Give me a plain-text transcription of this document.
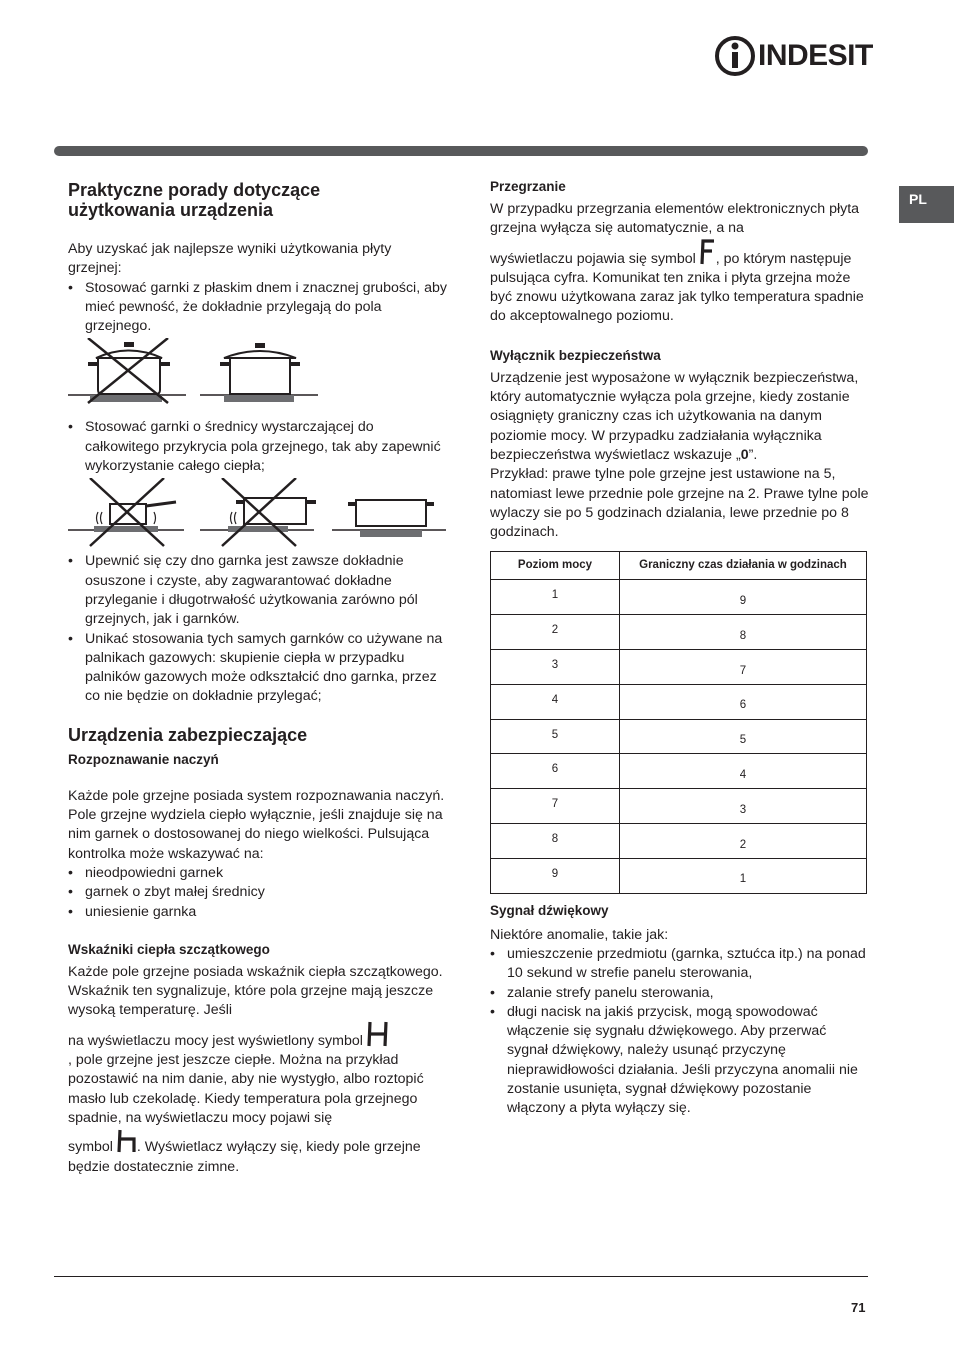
INDESIT
PL
Praktyczne porady dotyczące
użytkowania urządzenia

Aby uzyskać jak najlepsze wyniki użytkowania płyty grzejnej:

• Stosować garnki z płaskim dnem i znacznej grubości, aby mieć pewność, że dokładnie przylegają do pola grzejnego.
• Stosować garnki o średnicy wystarczającej do całkowitego przykrycia pola grzejnego, tak aby zapewnić wykorzystanie całego ciepła;
• Upewnić się czy dno garnka jest zawsze dokładnie osuszone i czyste, aby zagwarantować dokładne przyleganie i długotrwałość użytkowania zarówno pól grzejnych, jak i garnków.
• Unikać stosowania tych samych garnków co używane na palnikach gazowych: skupienie ciepła w przypadku palników gazowych może odkształcić dno garnka, przez co nie będzie on dokładnie przylegać;
Urządzenia zabezpieczające
Rozpoznawanie naczyń

Każde pole grzejne posiada system rozpoznawania naczyń. Pole grzejne wydziela ciepło wyłącznie, jeśli znajduje się na nim garnek o dostosowanej do niego wielkości. Pulsująca kontrolka może wskazywać na:

• nieodpowiedni garnek
• garnek o zbyt małej średnicy
• uniesienie garnka
Wskaźniki ciepła szczątkowego

Każde pole grzejne posiada wskaźnik ciepła szczątkowego. Wskaźnik ten sygnalizuje, które pola grzejne mają jeszcze wysoką temperaturę. Jeśli
na wyświetlaczu mocy jest wyświetlony symbol
, pole grzejne jest jeszcze ciepłe. Można na przykład pozostawić na nim danie, aby nie wystygło, albo roztopić masło lub czekoladę. Kiedy temperatura pola grzejnego spadnie, na wyświetlaczu mocy pojawi się
symbol . Wyświetlacz wyłączy się, kiedy pole grzejne będzie dostatecznie zimne.

Przegrzanie

W przypadku przegrzania elementów elektronicznych płyta grzejna wyłącza się automatycznie, a na
wyświetlaczu pojawia się symbol , po którym następuje pulsująca cyfra. Komunikat ten znika i płyta grzejna może być znowu użytkowana zaraz jak tylko temperatura spadnie do akceptowalnego poziomu.

Wyłącznik bezpieczeństwa

Urządzenie jest wyposażone w wyłącznik bezpieczeństwa, który automatycznie wyłącza pola grzejne, kiedy zostanie osiągnięty graniczny czas ich użytkowania na danym poziomie mocy. W przypadku zadziałania wyłącznika bezpieczeństwa wyświetlacz wskazuje „0”.

Przykład: prawe tylne pole grzejne jest ustawione na 5, natomiast lewe przednie pole grzejne na 2. Prawe tylne pole wylaczy sie po 5 godzinach dzialania, lewe przednie po 8 godzinach.

Poziom mocy	Graniczny czas działania w godzinach
1	9
2	8
3	7
4	6
5	5
6	4
7	3
8	2
9	1
Sygnał dźwiękowy

Niektóre anomalie, takie jak:

• umieszczenie przedmiotu (garnka, sztućca itp.) na ponad 10 sekund w strefie panelu sterowania,
• zalanie strefy panelu sterowania,
• długi nacisk na jakiś przycisk, mogą spowodować włączenie się sygnału dźwiękowego. Aby przerwać sygnał dźwiękowy, należy usunąć przyczynę nieprawidłowości działania. Jeśli przyczyna anomalii nie zostanie usunięta, sygnał dźwiękowy pozostanie włączony a płyta wyłączy się.
71
